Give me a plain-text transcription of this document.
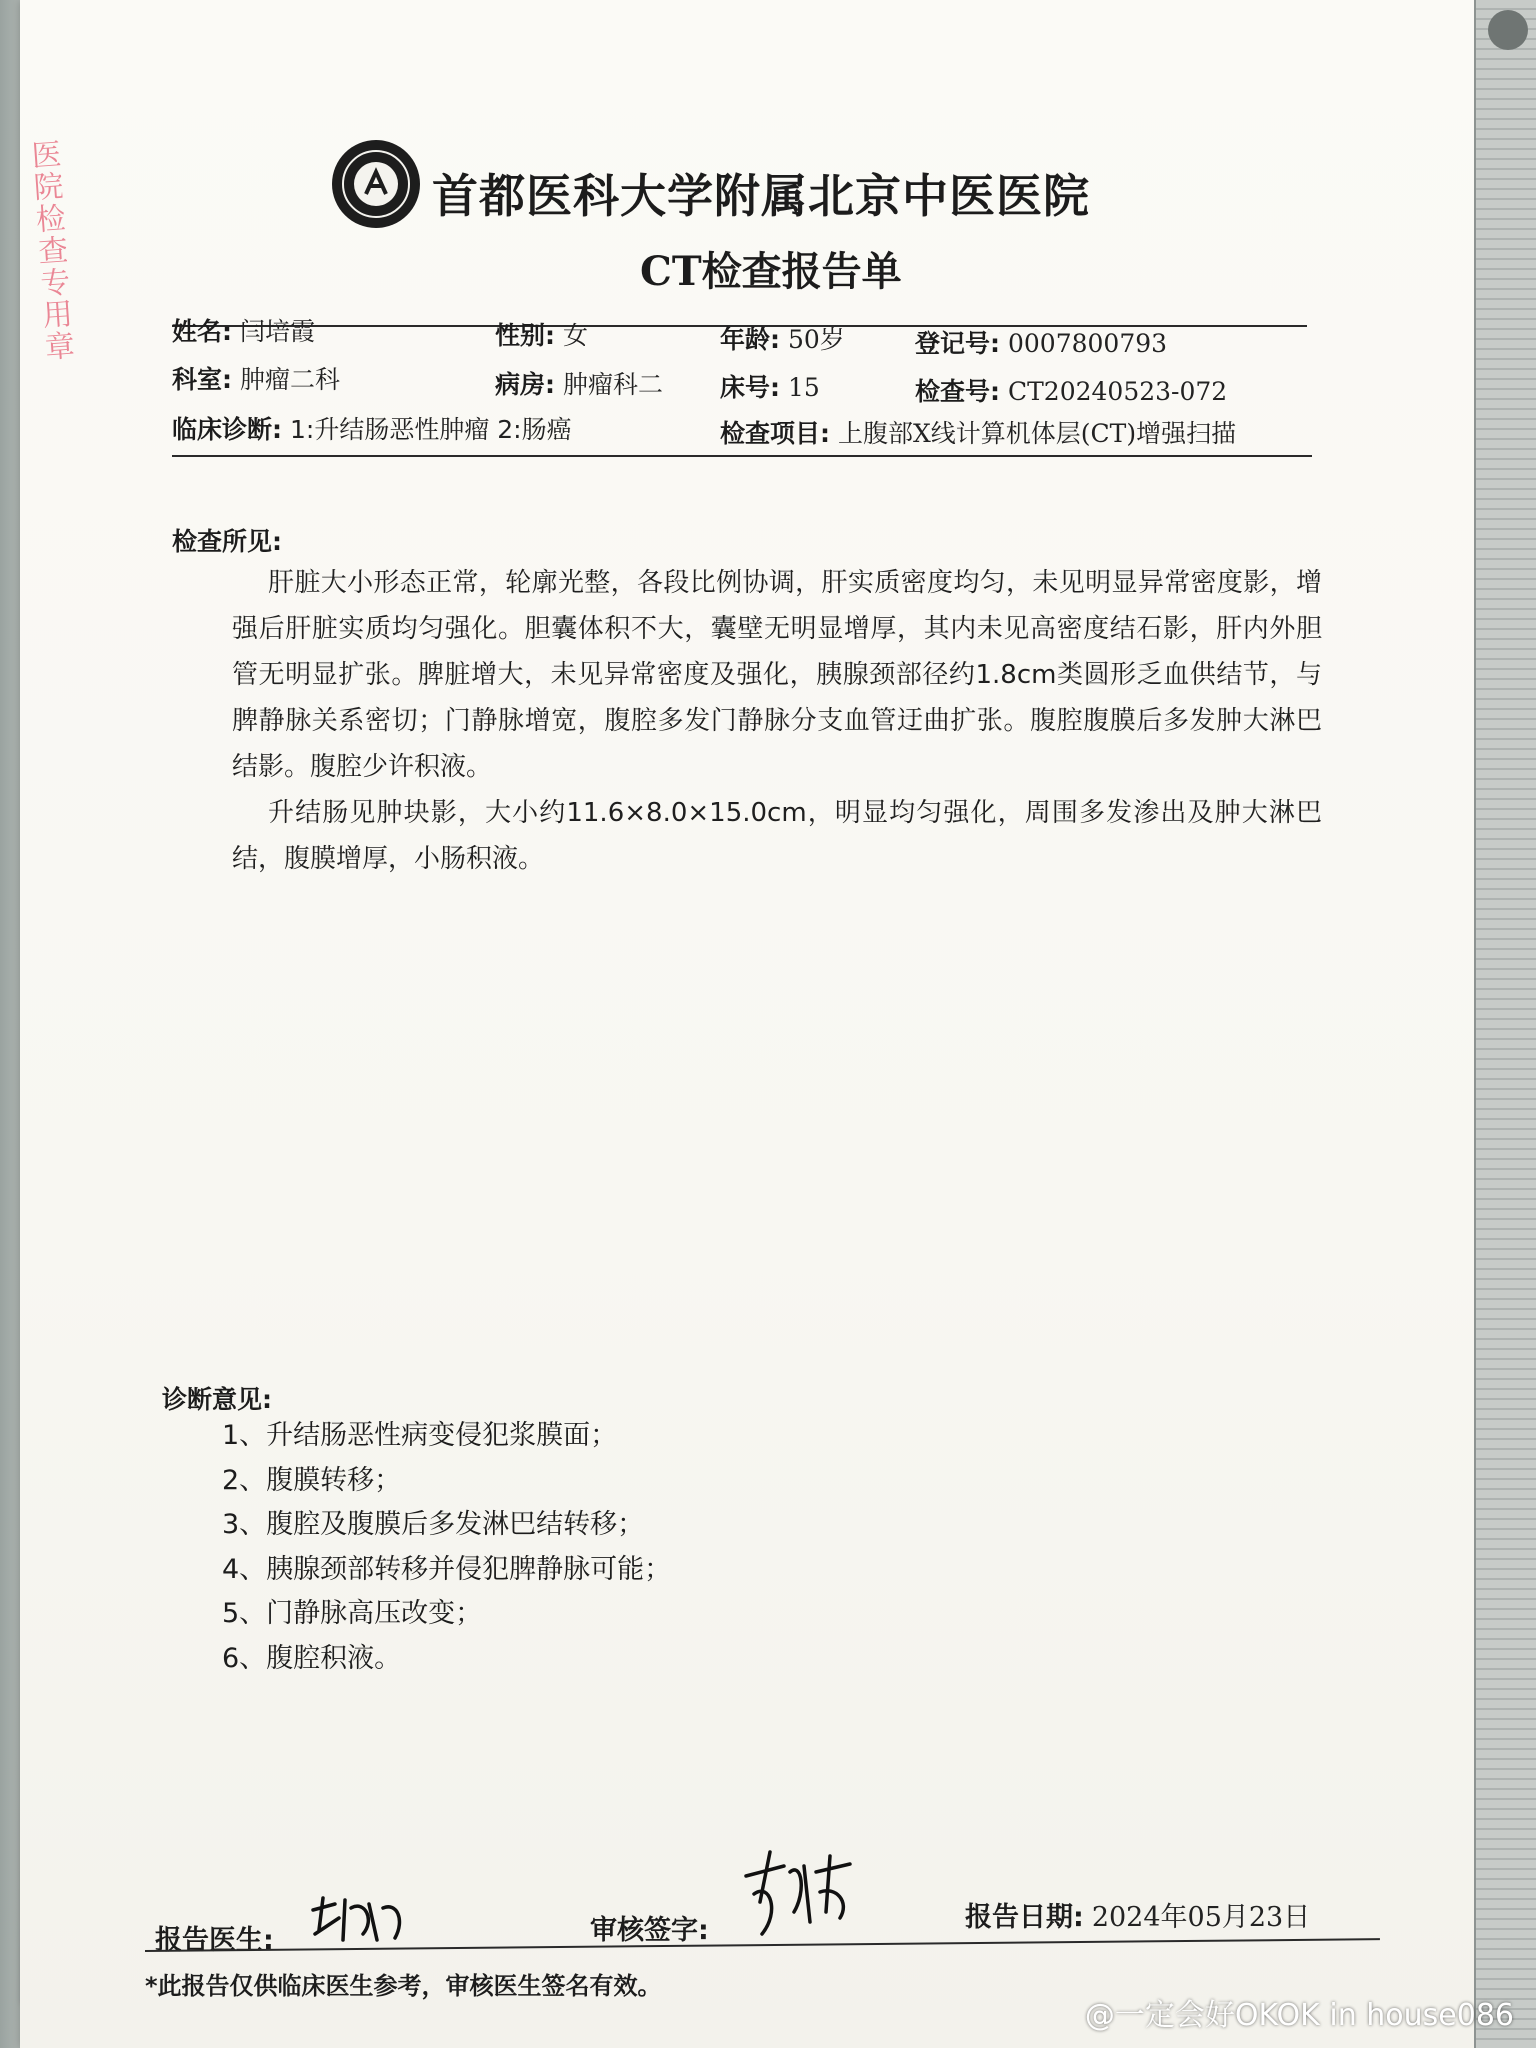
医院检查专用章	首都医科大学附属北京中医医院
CT检查报告单
姓名: 闫培霞	性别: 女	年龄: 50岁	登记号: 0007800793
科室: 肿瘤二科	病房: 肿瘤科二 床号: 15	检查号: CT20240523-072
临床诊断: 1:升结肠恶性肿瘤 2:肠癌	检查项目: 上腹部X线计算机体层(CT)增强扫描
检查所见:

肝脏大小形态正常，轮廓光整，各段比例协调，肝实质密度均匀，未见明显异常密度影，增强后肝脏实质均匀强化。胆囊体积不大，囊壁无明显增厚，其内未见高密度结石影，肝内外胆管无明显扩张。脾脏增大，未见异常密度及强化，胰腺颈部径约1.8cm类圆形乏血供结节，与脾静脉关系密切；门静脉增宽，腹腔多发门静脉分支血管迂曲扩张。腹腔腹膜后多发肿大淋巴结影。腹腔少许积液。

升结肠见肿块影，大小约11.6×8.0×15.0cm，明显均匀强化，周围多发渗出及肿大淋巴结，腹膜增厚，小肠积液。

诊断意见:
1、升结肠恶性病变侵犯浆膜面；
2、腹膜转移；
3、腹腔及腹膜后多发淋巴结转移；
4、胰腺颈部转移并侵犯脾静脉可能；
5、门静脉高压改变；
6、腹腔积液。
报告医生:	审核签字:	报告日期: 2024年05月23日
*此报告仅供临床医生参考，审核医生签名有效。
@一定会好OKOK in house086
